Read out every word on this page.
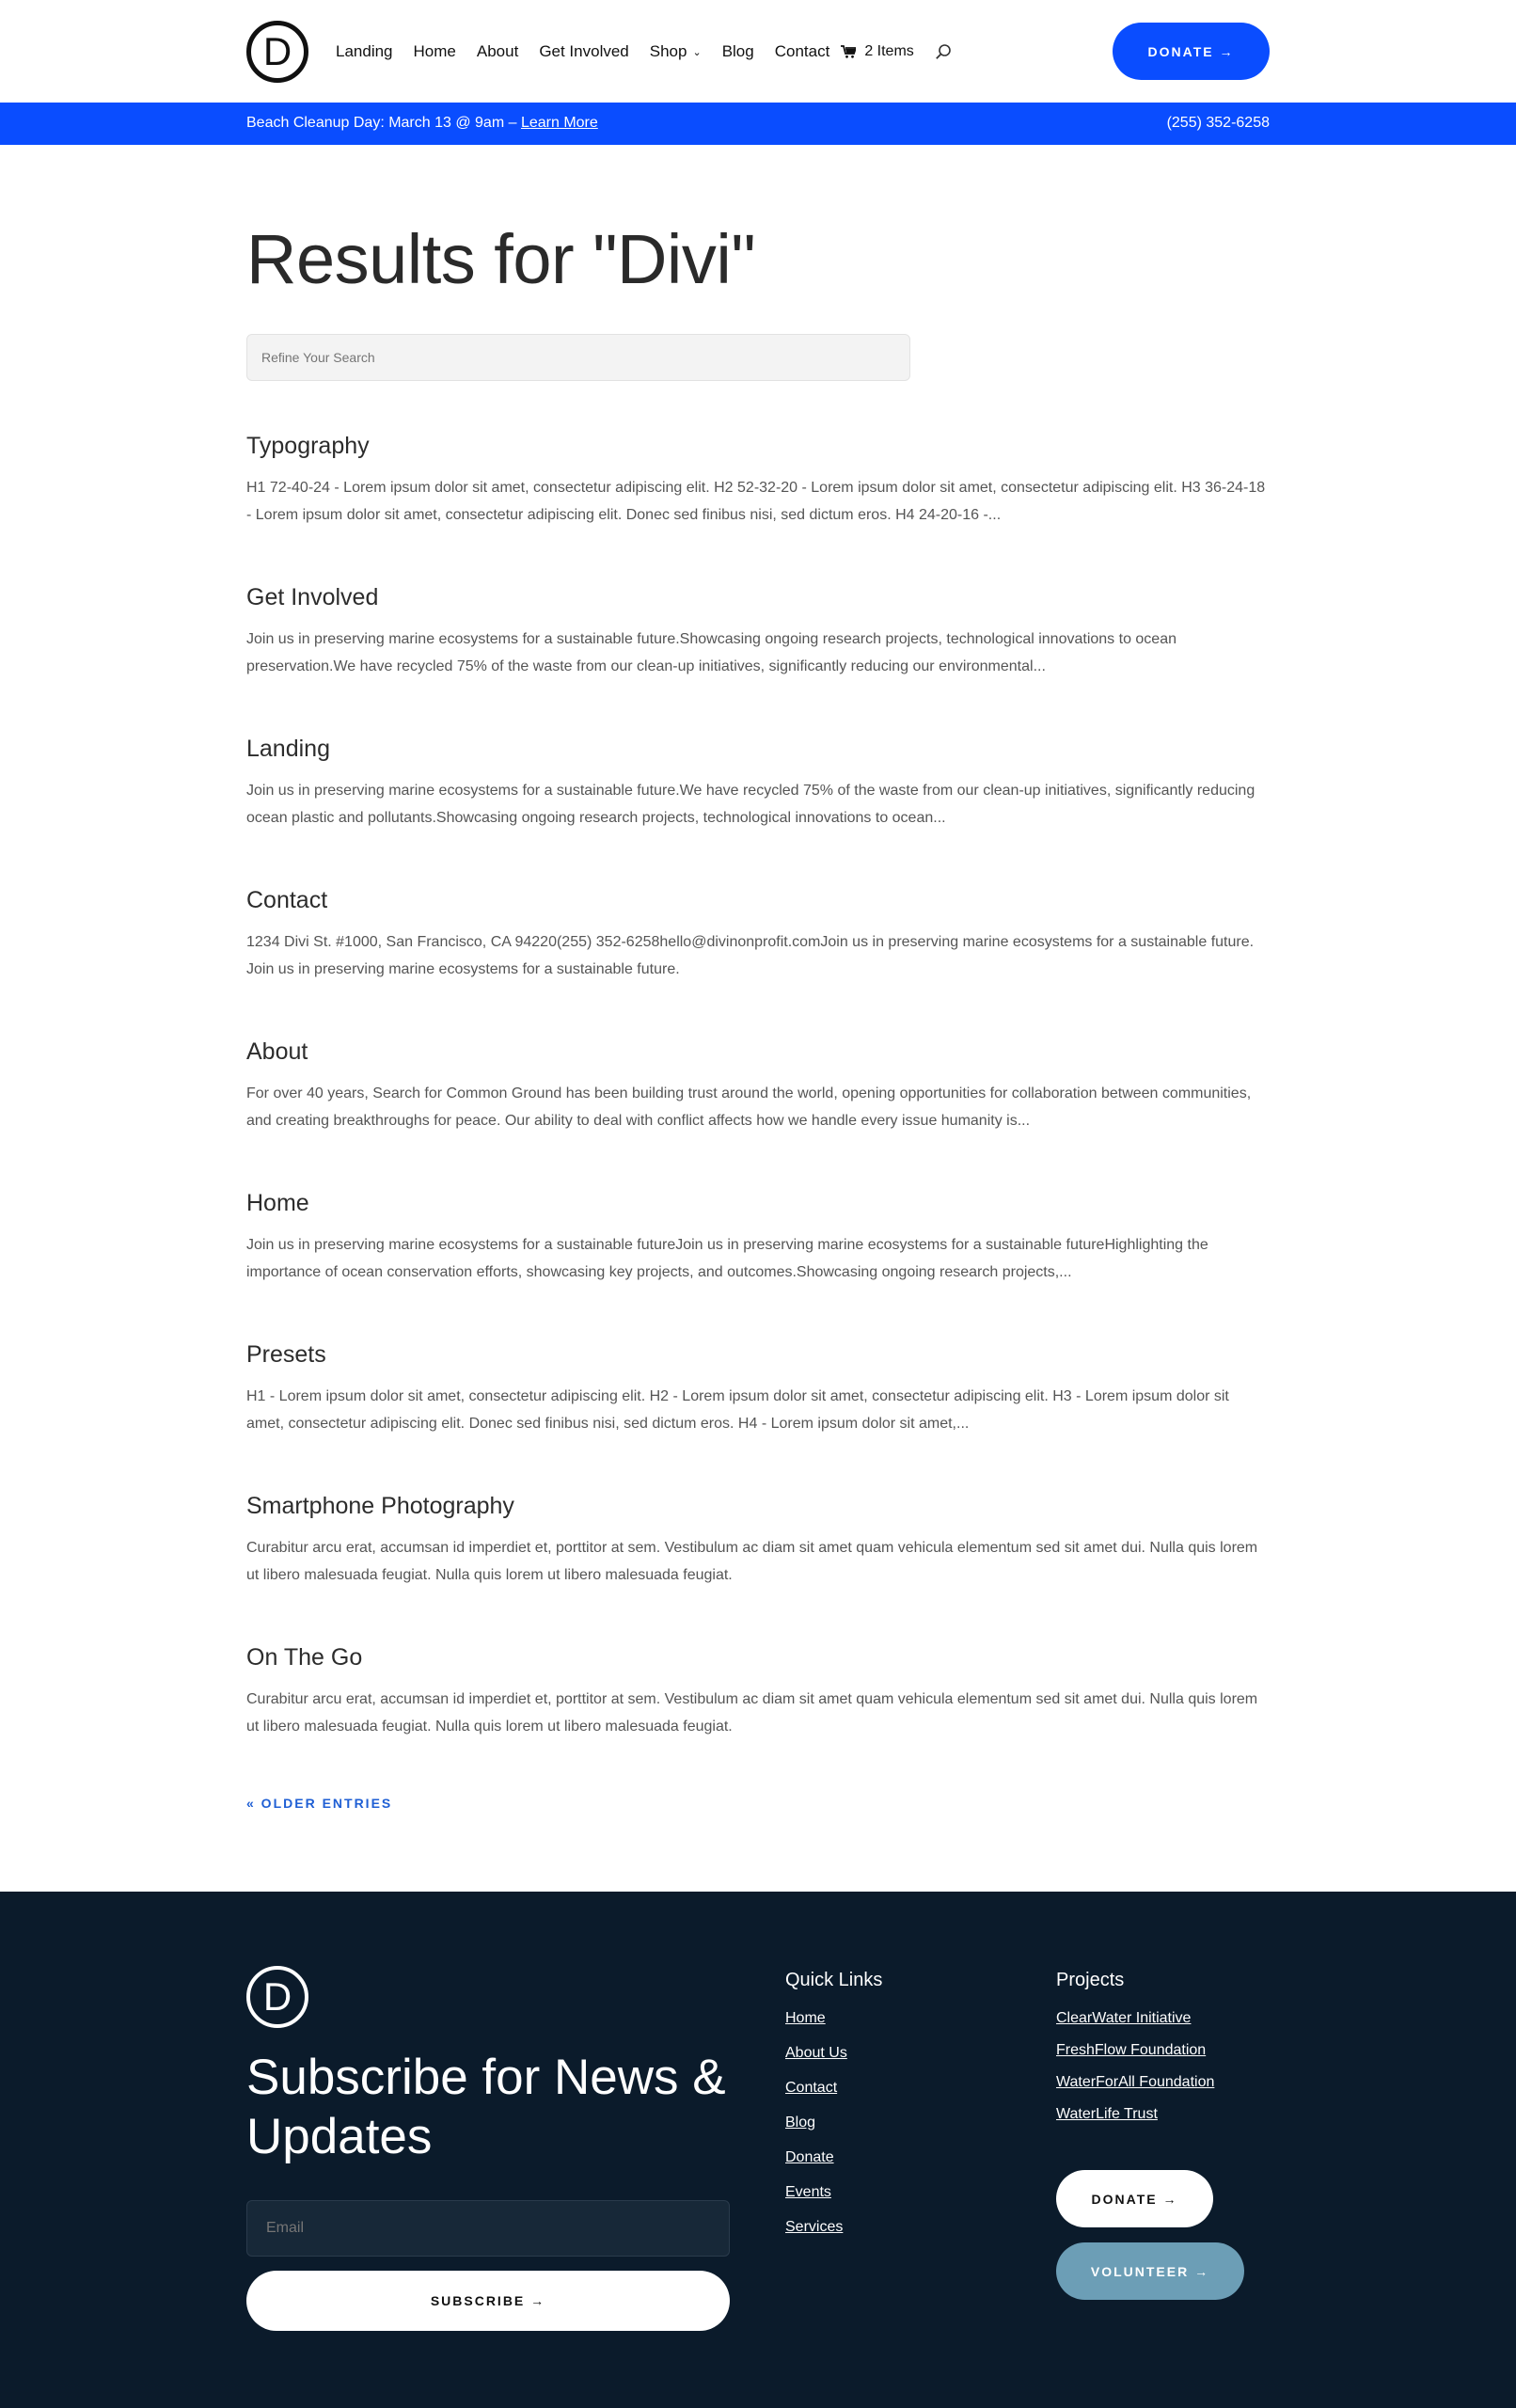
D	Landing Home About Get Involved Shop ⌄ Blog Contact 2 Items	DONATE →
Beach Cleanup Day: March 13 @ 9am – Learn More	(255) 352-6258
Results for "Divi"
Refine Your Search
Typography
H1 72-40-24 - Lorem ipsum dolor sit amet, consectetur adipiscing elit. H2 52-32-20 - Lorem ipsum dolor sit amet, consectetur adipiscing elit. H3 36-24-18 - Lorem ipsum dolor sit amet, consectetur adipiscing elit. Donec sed finibus nisi, sed dictum eros. H4 24-20-16 -...
Get Involved
Join us in preserving marine ecosystems for a sustainable future.Showcasing ongoing research projects, technological innovations to ocean preservation.We have recycled 75% of the waste from our clean-up initiatives, significantly reducing our environmental...
Landing
Join us in preserving marine ecosystems for a sustainable future.We have recycled 75% of the waste from our clean-up initiatives, significantly reducing ocean plastic and pollutants.Showcasing ongoing research projects, technological innovations to ocean...
Contact
1234 Divi St. #1000, San Francisco, CA 94220(255) 352-6258hello@divinonprofit.comJoin us in preserving marine ecosystems for a sustainable future. Join us in preserving marine ecosystems for a sustainable future.
About
For over 40 years, Search for Common Ground has been building trust around the world, opening opportunities for collaboration between communities, and creating breakthroughs for peace. Our ability to deal with conflict affects how we handle every issue humanity is...
Home
Join us in preserving marine ecosystems for a sustainable futureJoin us in preserving marine ecosystems for a sustainable futureHighlighting the importance of ocean conservation efforts, showcasing key projects, and outcomes.Showcasing ongoing research projects,...
Presets
H1 - Lorem ipsum dolor sit amet, consectetur adipiscing elit. H2 - Lorem ipsum dolor sit amet, consectetur adipiscing elit. H3 - Lorem ipsum dolor sit amet, consectetur adipiscing elit. Donec sed finibus nisi, sed dictum eros. H4 - Lorem ipsum dolor sit amet,...
Smartphone Photography
Curabitur arcu erat, accumsan id imperdiet et, porttitor at sem. Vestibulum ac diam sit amet quam vehicula elementum sed sit amet dui. Nulla quis lorem ut libero malesuada feugiat. Nulla quis lorem ut libero malesuada feugiat.
On The Go
Curabitur arcu erat, accumsan id imperdiet et, porttitor at sem. Vestibulum ac diam sit amet quam vehicula elementum sed sit amet dui. Nulla quis lorem ut libero malesuada feugiat. Nulla quis lorem ut libero malesuada feugiat.
« OLDER ENTRIES
D
Subscribe for News & Updates
Email
SUBSCRIBE →
Quick Links
Home
About Us
Contact
Blog
Donate
Events
Services
Projects
ClearWater Initiative
FreshFlow Foundation
WaterForAll Foundation
WaterLife Trust
DONATE →
VOLUNTEER →
